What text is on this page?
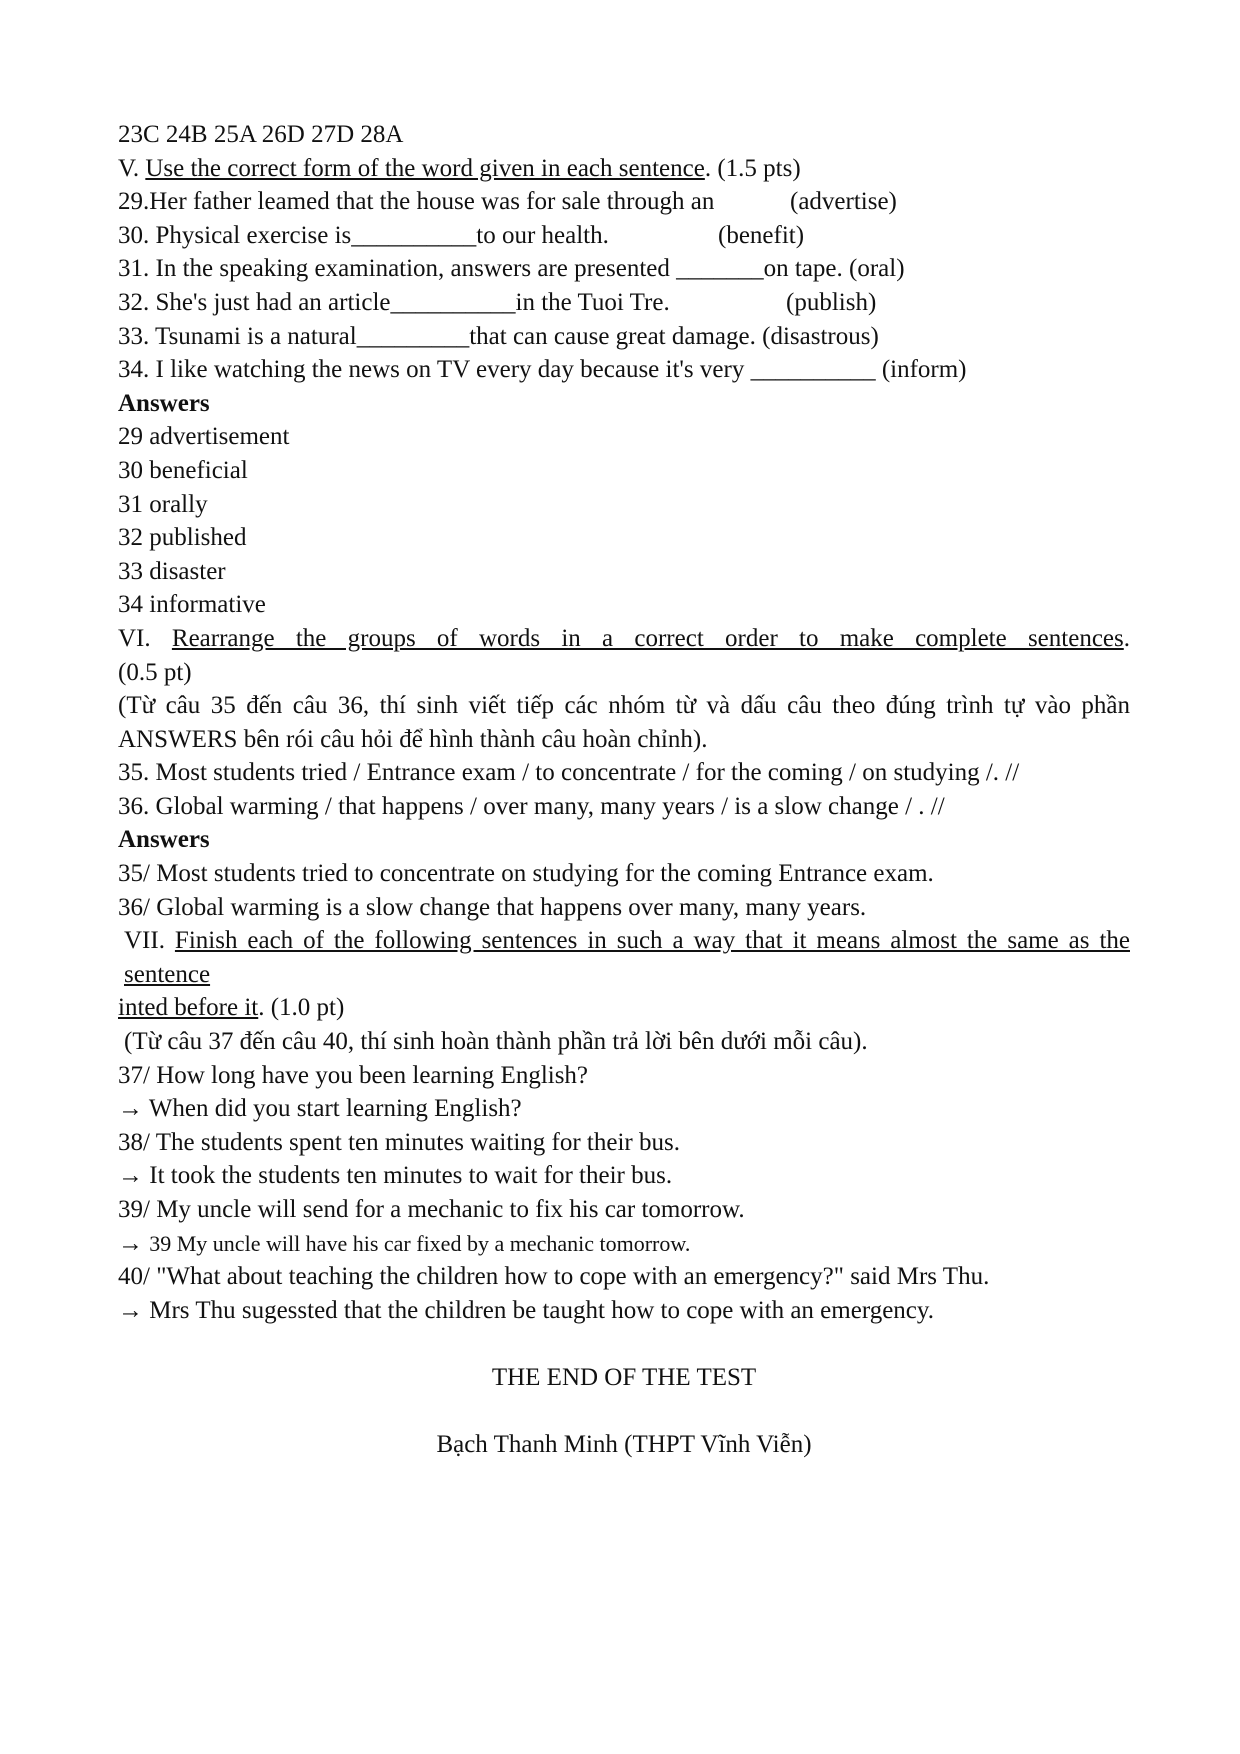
23C 24B 25A 26D 27D 28A
V. Use the correct form of the word given in each sentence. (1.5 pts)
29.Her father leamed that the house was for sale through an	(advertise)
30. Physical exercise is__________to our health.	(benefit)
31. In the speaking examination, answers are presented _______on tape. (oral)
32. She's just had an article__________in the Tuoi Tre.	(publish)
33. Tsunami is a natural_________that can cause great damage. (disastrous)
34. I like watching the news on TV every day because it's very __________ (inform)
Answers
29 advertisement
30 beneficial
31 orally
32 published
33 disaster
34 informative
VI. Rearrange the groups of words in a correct order to make complete sentences.
(0.5 pt)
(Từ câu 35 đến câu 36, thí sinh viết tiếp các nhóm từ và dấu câu theo đúng trình tự vào phần ANSWERS bên rói câu hỏi để hình thành câu hoàn chỉnh).
35. Most students tried / Entrance exam / to concentrate / for the coming / on studying /. //
36. Global warming / that happens / over many, many years / is a slow change / . //
Answers
35/ Most students tried to concentrate on studying for the coming Entrance exam.
36/ Global warming is a slow change that happens over many, many years.
VII. Finish each of the following sentences in such a way that it means almost the same as the sentence
inted before it. (1.0 pt)
(Từ câu 37 đến câu 40, thí sinh hoàn thành phần trả lời bên dưới mỗi câu).
37/ How long have you been learning English?
→ When did you start learning English?
38/ The students spent ten minutes waiting for their bus.
→ It took the students ten minutes to wait for their bus.
39/ My uncle will send for a mechanic to fix his car tomorrow.
→ 39 My uncle will have his car fixed by a mechanic tomorrow.
40/ "What about teaching the children how to cope with an emergency?" said Mrs Thu.
→ Mrs Thu sugessted that the children be taught how to cope with an emergency.
THE END OF THE TEST
Bạch Thanh Minh (THPT Vĩnh Viễn)
